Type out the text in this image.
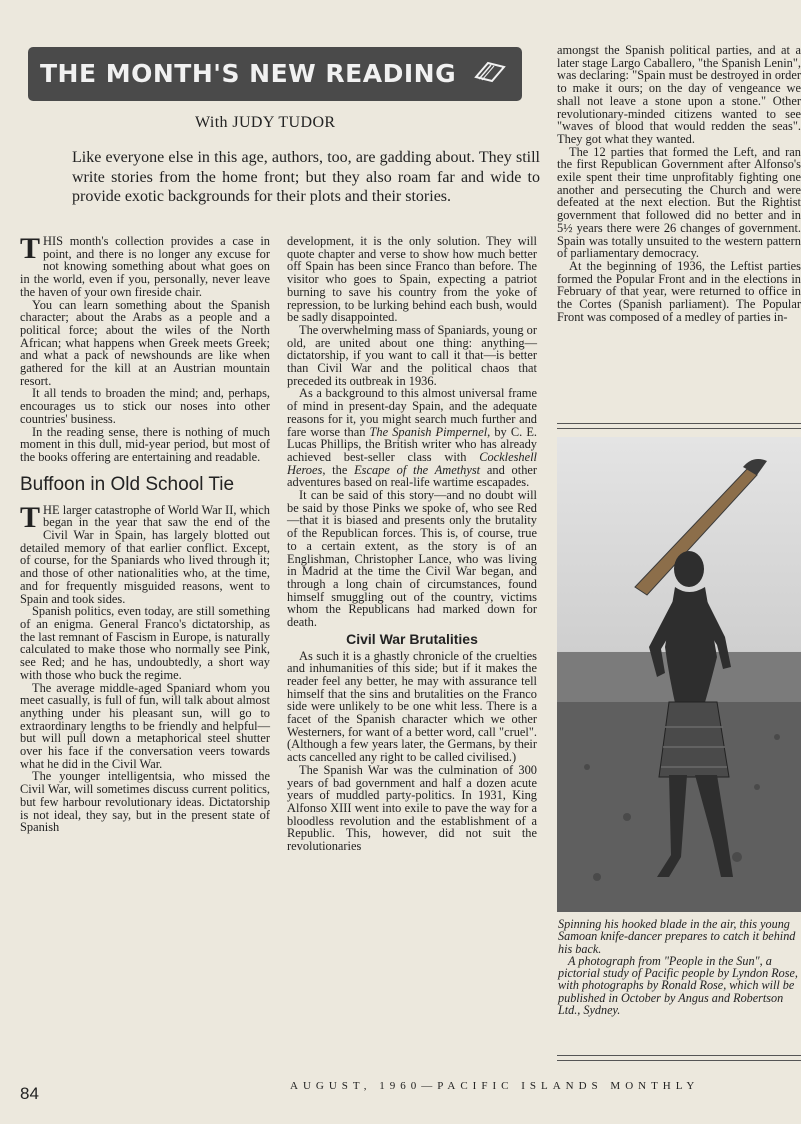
THE MONTH'S NEW READING
With JUDY TUDOR
Like everyone else in this age, authors, too, are gadding about. They still write stories from the home front; but they also roam far and wide to provide exotic backgrounds for their plots and their stories.

THIS month's collection provides a case in point, and there is no longer any excuse for not knowing something about what goes on in the world, even if you, personally, never leave the haven of your own fireside chair.

You can learn something about the Spanish character; about the Arabs as a people and a political force; about the wiles of the North African; what happens when Greek meets Greek; and what a pack of newshounds are like when gathered for the kill at an Austrian mountain resort.

It all tends to broaden the mind; and, perhaps, encourages us to stick our noses into other countries' business.

In the reading sense, there is nothing of much moment in this dull, mid-year period, but most of the books offering are entertaining and readable.

Buffoon in Old School Tie

THE larger catastrophe of World War II, which began in the year that saw the end of the Civil War in Spain, has largely blotted out detailed memory of that earlier conflict. Except, of course, for the Spaniards who lived through it; and those of other nationalities who, at the time, and for frequently misguided reasons, went to Spain and took sides.

Spanish politics, even today, are still something of an enigma. General Franco's dictatorship, as the last remnant of Fascism in Europe, is naturally calculated to make those who normally see Pink, see Red; and he has, undoubtedly, a short way with those who buck the regime.

The average middle-aged Spaniard whom you meet casually, is full of fun, will talk about almost anything under his pleasant sun, will go to extraordinary lengths to be friendly and helpful—but will pull down a metaphorical steel shutter over his face if the conversation veers towards what he did in the Civil War.

The younger intelligentsia, who missed the Civil War, will sometimes discuss current politics, but few harbour revolutionary ideas. Dictatorship is not ideal, they say, but in the present state of Spanish

development, it is the only solution. They will quote chapter and verse to show how much better off Spain has been since Franco than before. The visitor who goes to Spain, expecting a patriot burning to save his country from the yoke of repression, to be lurking behind each bush, would be sadly disappointed.

The overwhelming mass of Spaniards, young or old, are united about one thing: anything—dictatorship, if you want to call it that—is better than Civil War and the political chaos that preceded its outbreak in 1936.

As a background to this almost universal frame of mind in present-day Spain, and the adequate reasons for it, you might search much further and fare worse than The Spanish Pimpernel, by C. E. Lucas Phillips, the British writer who has already achieved best-seller class with Cockleshell Heroes, the Escape of the Amethyst and other adventures based on real-life wartime escapades.

It can be said of this story—and no doubt will be said by those Pinks we spoke of, who see Red—that it is biased and presents only the brutality of the Republican forces. This is, of course, true to a certain extent, as the story is of an Englishman, Christopher Lance, who was living in Madrid at the time the Civil War began, and through a long chain of circumstances, found himself smuggling out of the country, victims whom the Republicans had marked down for death.

Civil War Brutalities

As such it is a ghastly chronicle of the cruelties and inhumanities of this side; but if it makes the reader feel any better, he may with assurance tell himself that the sins and brutalities on the Franco side were unlikely to be one whit less. There is a facet of the Spanish character which we other Westerners, for want of a better word, call "cruel". (Although a few years later, the Germans, by their acts cancelled any right to be called civilised.)

The Spanish War was the culmination of 300 years of bad government and half a dozen acute years of muddled party-politics. In 1931, King Alfonso XIII went into exile to pave the way for a bloodless revolution and the establishment of a Republic. This, however, did not suit the revolutionaries

amongst the Spanish political parties, and at a later stage Largo Caballero, "the Spanish Lenin", was declaring: "Spain must be destroyed in order to make it ours; on the day of vengeance we shall not leave a stone upon a stone." Other revolutionary-minded citizens wanted to see "waves of blood that would redden the seas". They got what they wanted.

The 12 parties that formed the Left, and ran the first Republican Government after Alfonso's exile spent their time unprofitably fighting one another and persecuting the Church and were defeated at the next election. But the Rightist government that followed did no better and in 5½ years there were 26 changes of government. Spain was totally unsuited to the western pattern of parliamentary democracy.

At the beginning of 1936, the Leftist parties formed the Popular Front and in the elections in February of that year, were returned to office in the Cortes (Spanish parliament). The Popular Front was composed of a medley of parties in-

Spinning his hooked blade in the air, this young Samoan knife-dancer prepares to catch it behind his back.

A photograph from "People in the Sun", a pictorial study of Pacific people by Lyndon Rose, with photographs by Ronald Rose, which will be published in October by Angus and Robertson Ltd., Sydney.

84	AUGUST, 1960—PACIFIC ISLANDS MONTHLY
